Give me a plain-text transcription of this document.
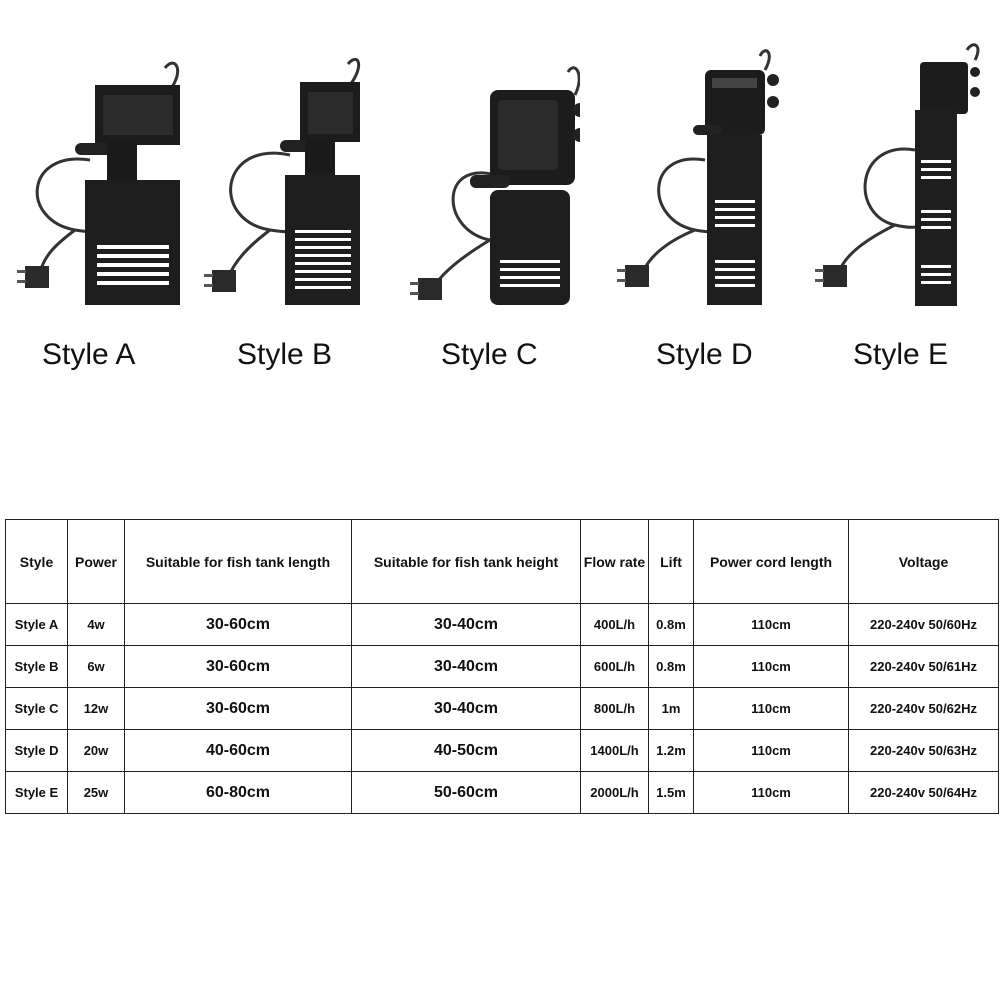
Style A	Style B	Style C	Style D	Style E
Style	Power	Suitable for fish tank length	Suitable for fish tank height	Flow rate	Lift	Power cord length	Voltage
Style A	4w	30-60cm	30-40cm	400L/h	0.8m	110cm	220-240v 50/60Hz
Style B	6w	30-60cm	30-40cm	600L/h	0.8m	110cm	220-240v 50/61Hz
Style C	12w	30-60cm	30-40cm	800L/h	1m	110cm	220-240v 50/62Hz
Style D	20w	40-60cm	40-50cm	1400L/h	1.2m	110cm	220-240v 50/63Hz
Style E	25w	60-80cm	50-60cm	2000L/h	1.5m	110cm	220-240v 50/64Hz
